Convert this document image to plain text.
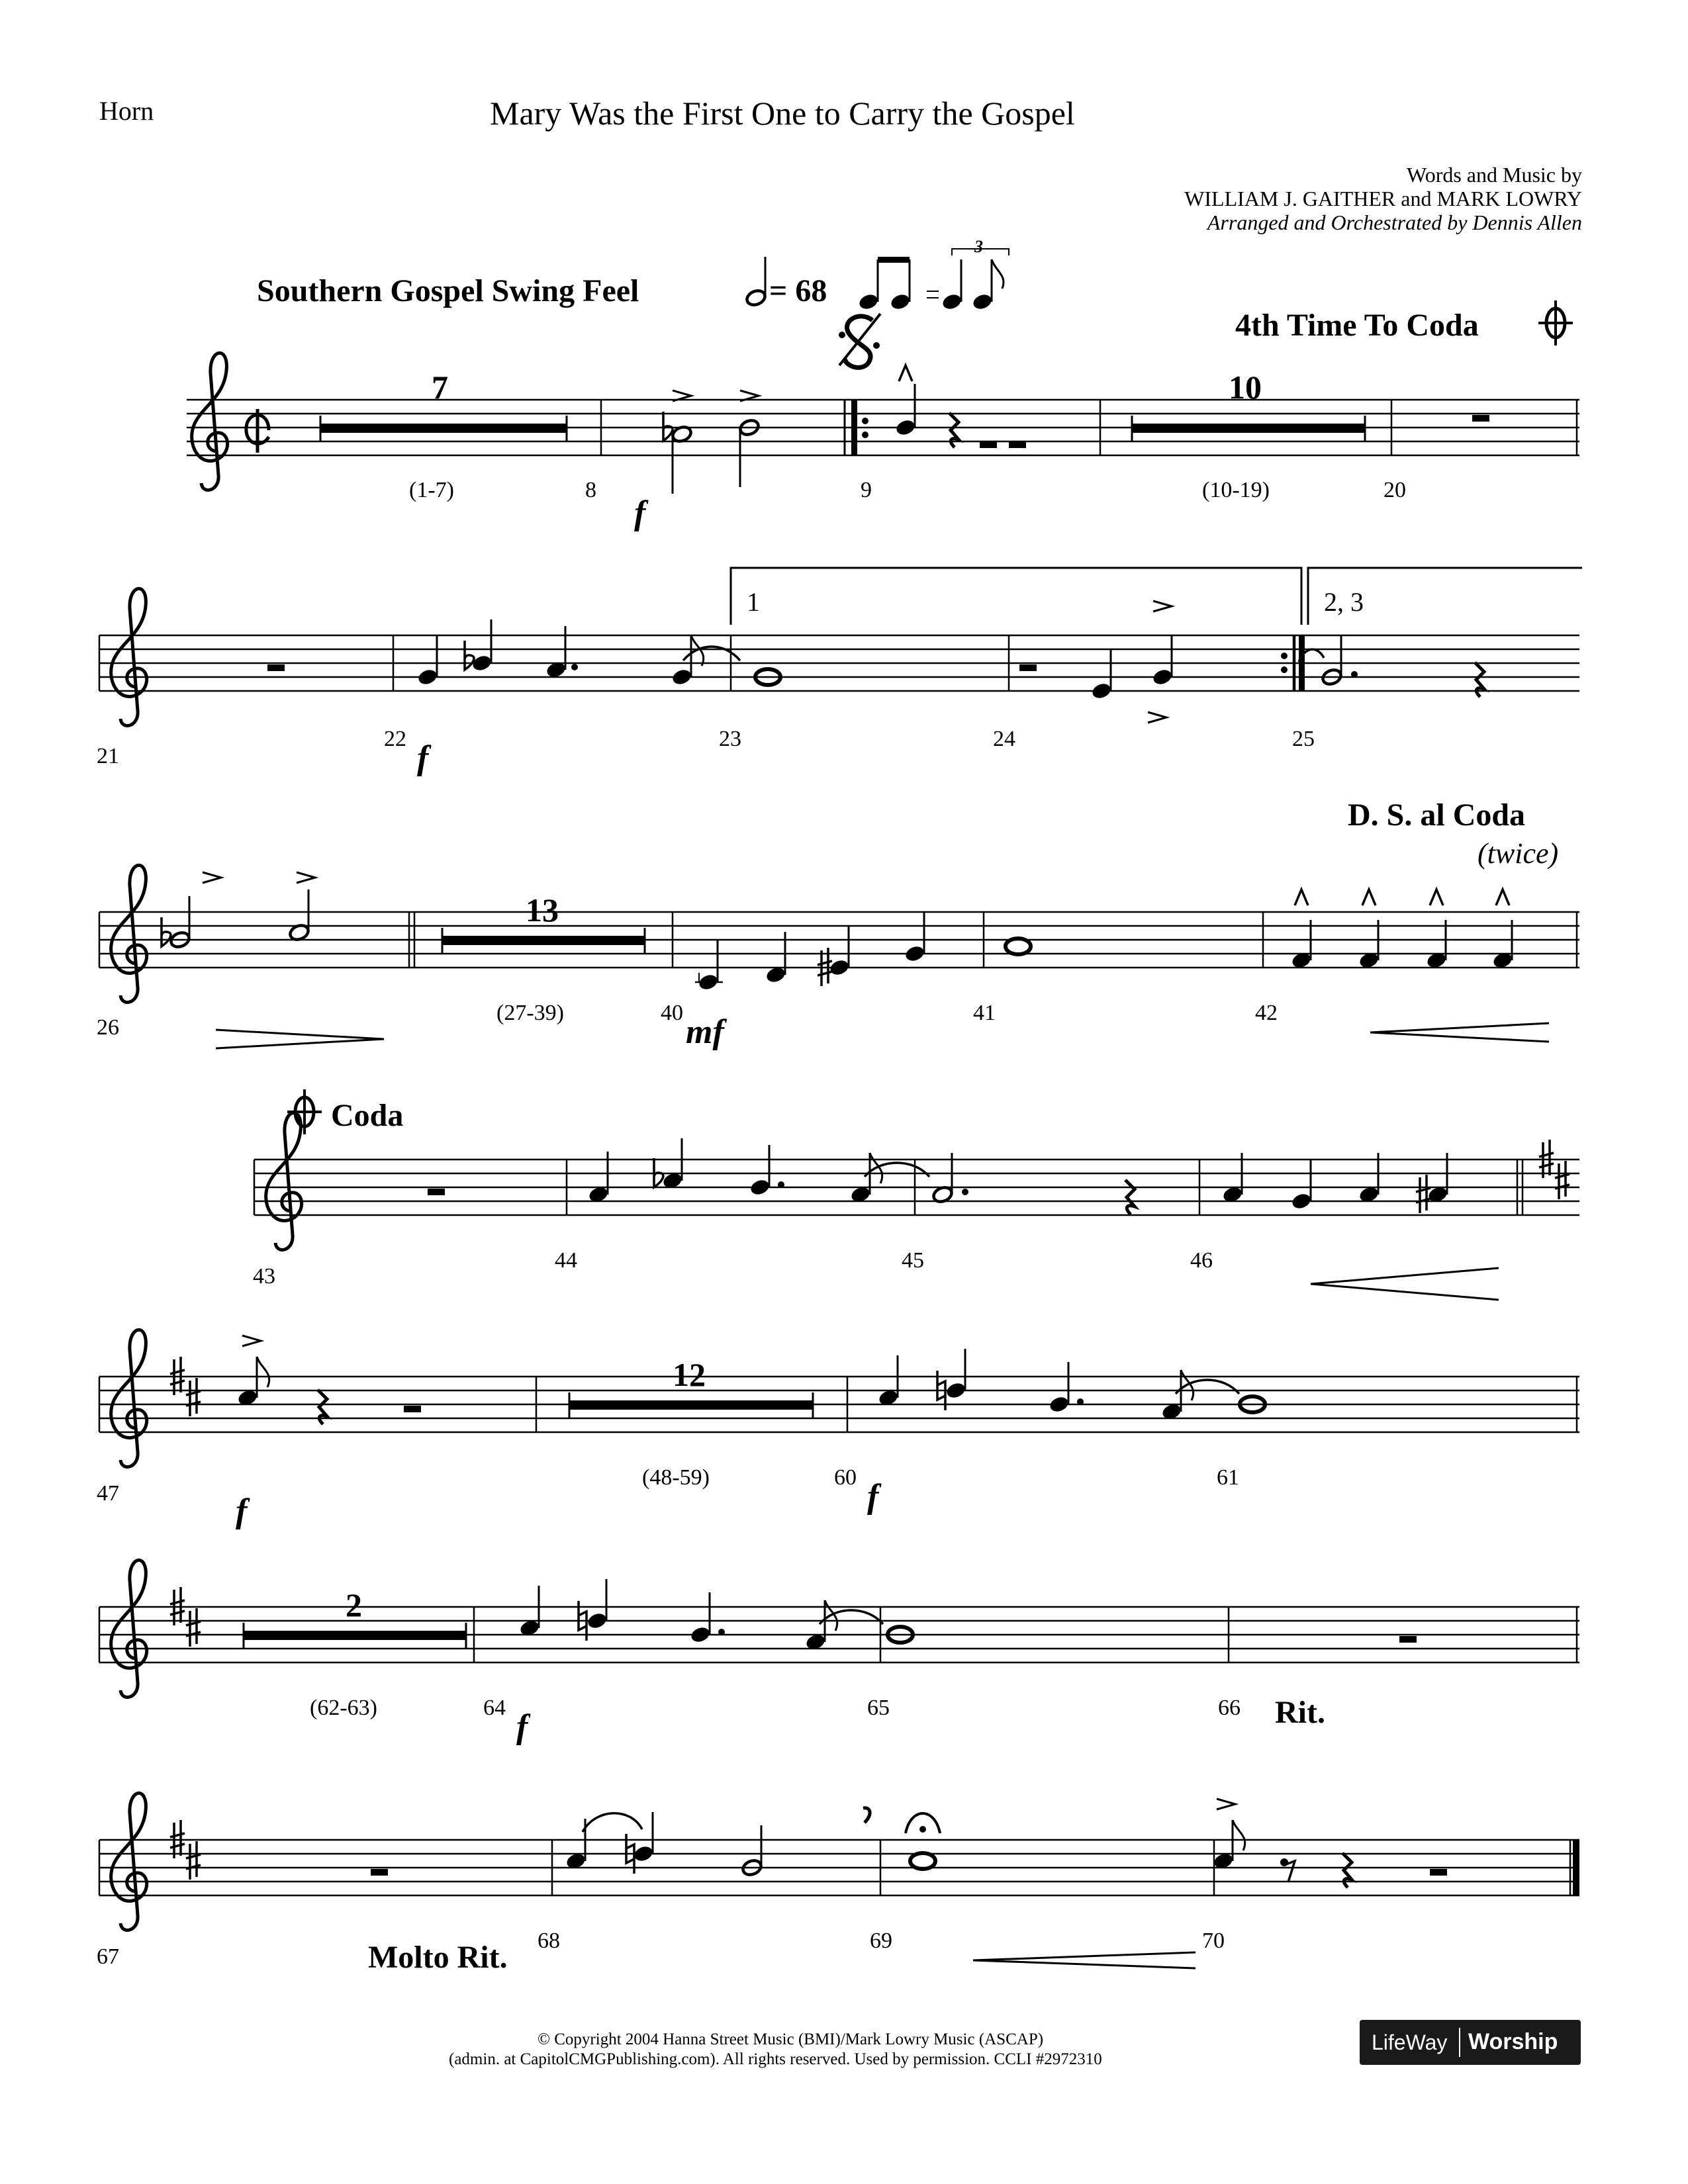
Horn	Mary Was the First One to Carry the Gospel
Words and Music by
WILLIAM J. GAITHER and MARK LOWRY
Arranged and Orchestrated by Dennis Allen
Southern Gospel Swing Feel	= 68
4th Time To Coda
D. S. al Coda
(twice)
Coda
Rit.
Molto Rit.
7
(1-7)
10
(10-19)
13
(27-39)
12
(48-59)
2
(62-63)
1	2, 3
8	9	20
21
22	23	24	25
26
40	41	42
43
44	45	46
47
60	61
64	65	66
67
68	69	70
f
f
mf
f	f
f
© Copyright 2004 Hanna Street Music (BMI)/Mark Lowry Music (ASCAP)
(admin. at CapitolCMGPublishing.com). All rights reserved. Used by permission. CCLI #2972310
LifeWay Worship
3
